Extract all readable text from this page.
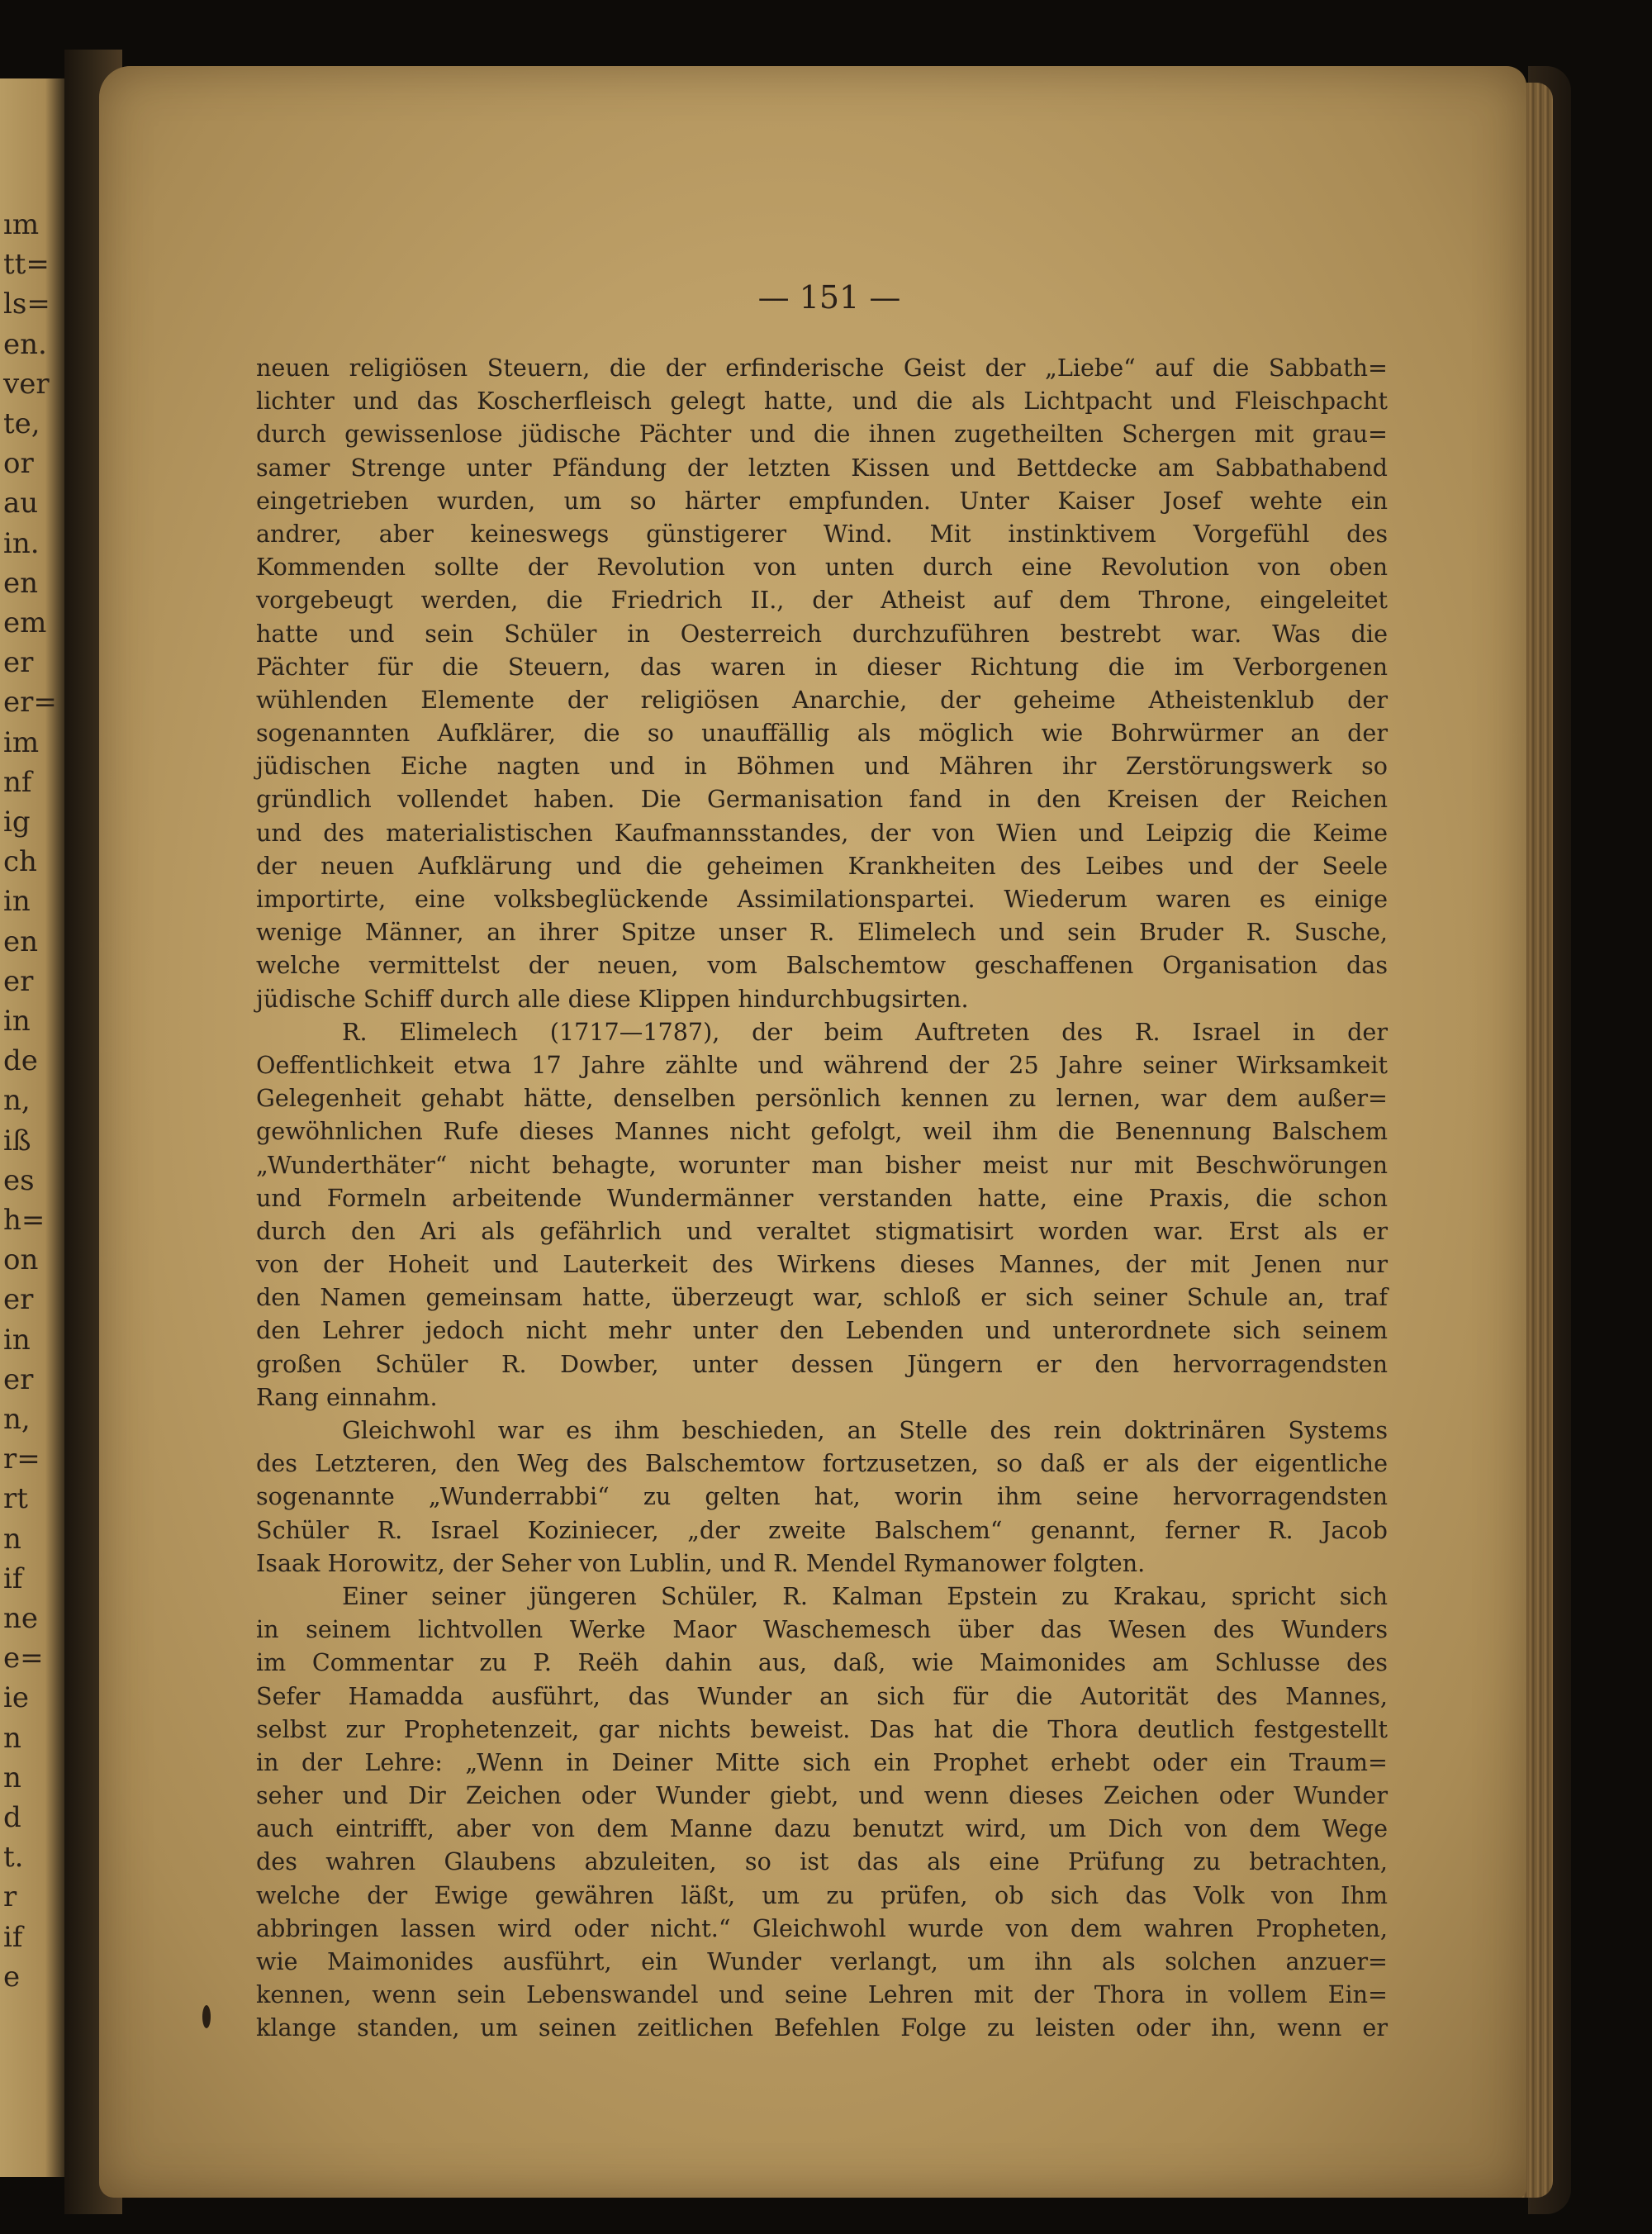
ım
tt=
ls=
en.
ver
te,
or
au
in.
en
em
er
er=
im
nf
ig
ch
in
en
er
in
de
n,
iß
es
h=
on
er
in
er
n,
r=
rt
n
if
ne
e=
ie
n
n
d
t.
r
if
e
— 151 —
neuen religiösen Steuern, die der erfinderische Geist der „Liebe“ auf die Sabbath=
lichter und das Koscherfleisch gelegt hatte, und die als Lichtpacht und Fleischpacht
durch gewissenlose jüdische Pächter und die ihnen zugetheilten Schergen mit grau=
samer Strenge unter Pfändung der letzten Kissen und Bettdecke am Sabbathabend
eingetrieben wurden, um so härter empfunden. Unter Kaiser Josef wehte ein
andrer, aber keineswegs günstigerer Wind. Mit instinktivem Vorgefühl des
Kommenden sollte der Revolution von unten durch eine Revolution von oben
vorgebeugt werden, die Friedrich II., der Atheist auf dem Throne, eingeleitet
hatte und sein Schüler in Oesterreich durchzuführen bestrebt war. Was die
Pächter für die Steuern, das waren in dieser Richtung die im Verborgenen
wühlenden Elemente der religiösen Anarchie, der geheime Atheistenklub der
sogenannten Aufklärer, die so unauffällig als möglich wie Bohrwürmer an der
jüdischen Eiche nagten und in Böhmen und Mähren ihr Zerstörungswerk so
gründlich vollendet haben. Die Germanisation fand in den Kreisen der Reichen
und des materialistischen Kaufmannsstandes, der von Wien und Leipzig die Keime
der neuen Aufklärung und die geheimen Krankheiten des Leibes und der Seele
importirte, eine volksbeglückende Assimilationspartei. Wiederum waren es einige
wenige Männer, an ihrer Spitze unser R. Elimelech und sein Bruder R. Susche,
welche vermittelst der neuen, vom Balschemtow geschaffenen Organisation das
jüdische Schiff durch alle diese Klippen hindurchbugsirten.
R. Elimelech (1717—1787), der beim Auftreten des R. Israel in der
Oeffentlichkeit etwa 17 Jahre zählte und während der 25 Jahre seiner Wirksamkeit
Gelegenheit gehabt hätte, denselben persönlich kennen zu lernen, war dem außer=
gewöhnlichen Rufe dieses Mannes nicht gefolgt, weil ihm die Benennung Balschem
„Wunderthäter“ nicht behagte, worunter man bisher meist nur mit Beschwörungen
und Formeln arbeitende Wundermänner verstanden hatte, eine Praxis, die schon
durch den Ari als gefährlich und veraltet stigmatisirt worden war. Erst als er
von der Hoheit und Lauterkeit des Wirkens dieses Mannes, der mit Jenen nur
den Namen gemeinsam hatte, überzeugt war, schloß er sich seiner Schule an, traf
den Lehrer jedoch nicht mehr unter den Lebenden und unterordnete sich seinem
großen Schüler R. Dowber, unter dessen Jüngern er den hervorragendsten
Rang einnahm.
Gleichwohl war es ihm beschieden, an Stelle des rein doktrinären Systems
des Letzteren, den Weg des Balschemtow fortzusetzen, so daß er als der eigentliche
sogenannte „Wunderrabbi“ zu gelten hat, worin ihm seine hervorragendsten
Schüler R. Israel Koziniecer, „der zweite Balschem“ genannt, ferner R. Jacob
Isaak Horowitz, der Seher von Lublin, und R. Mendel Rymanower folgten.
Einer seiner jüngeren Schüler, R. Kalman Epstein zu Krakau, spricht sich
in seinem lichtvollen Werke Maor Waschemesch über das Wesen des Wunders
im Commentar zu P. Reëh dahin aus, daß, wie Maimonides am Schlusse des
Sefer Hamadda ausführt, das Wunder an sich für die Autorität des Mannes,
selbst zur Prophetenzeit, gar nichts beweist. Das hat die Thora deutlich festgestellt
in der Lehre: „Wenn in Deiner Mitte sich ein Prophet erhebt oder ein Traum=
seher und Dir Zeichen oder Wunder giebt, und wenn dieses Zeichen oder Wunder
auch eintrifft, aber von dem Manne dazu benutzt wird, um Dich von dem Wege
des wahren Glaubens abzuleiten, so ist das als eine Prüfung zu betrachten,
welche der Ewige gewähren läßt, um zu prüfen, ob sich das Volk von Ihm
abbringen lassen wird oder nicht.“ Gleichwohl wurde von dem wahren Propheten,
wie Maimonides ausführt, ein Wunder verlangt, um ihn als solchen anzuer=
kennen, wenn sein Lebenswandel und seine Lehren mit der Thora in vollem Ein=
klange standen, um seinen zeitlichen Befehlen Folge zu leisten oder ihn, wenn er
